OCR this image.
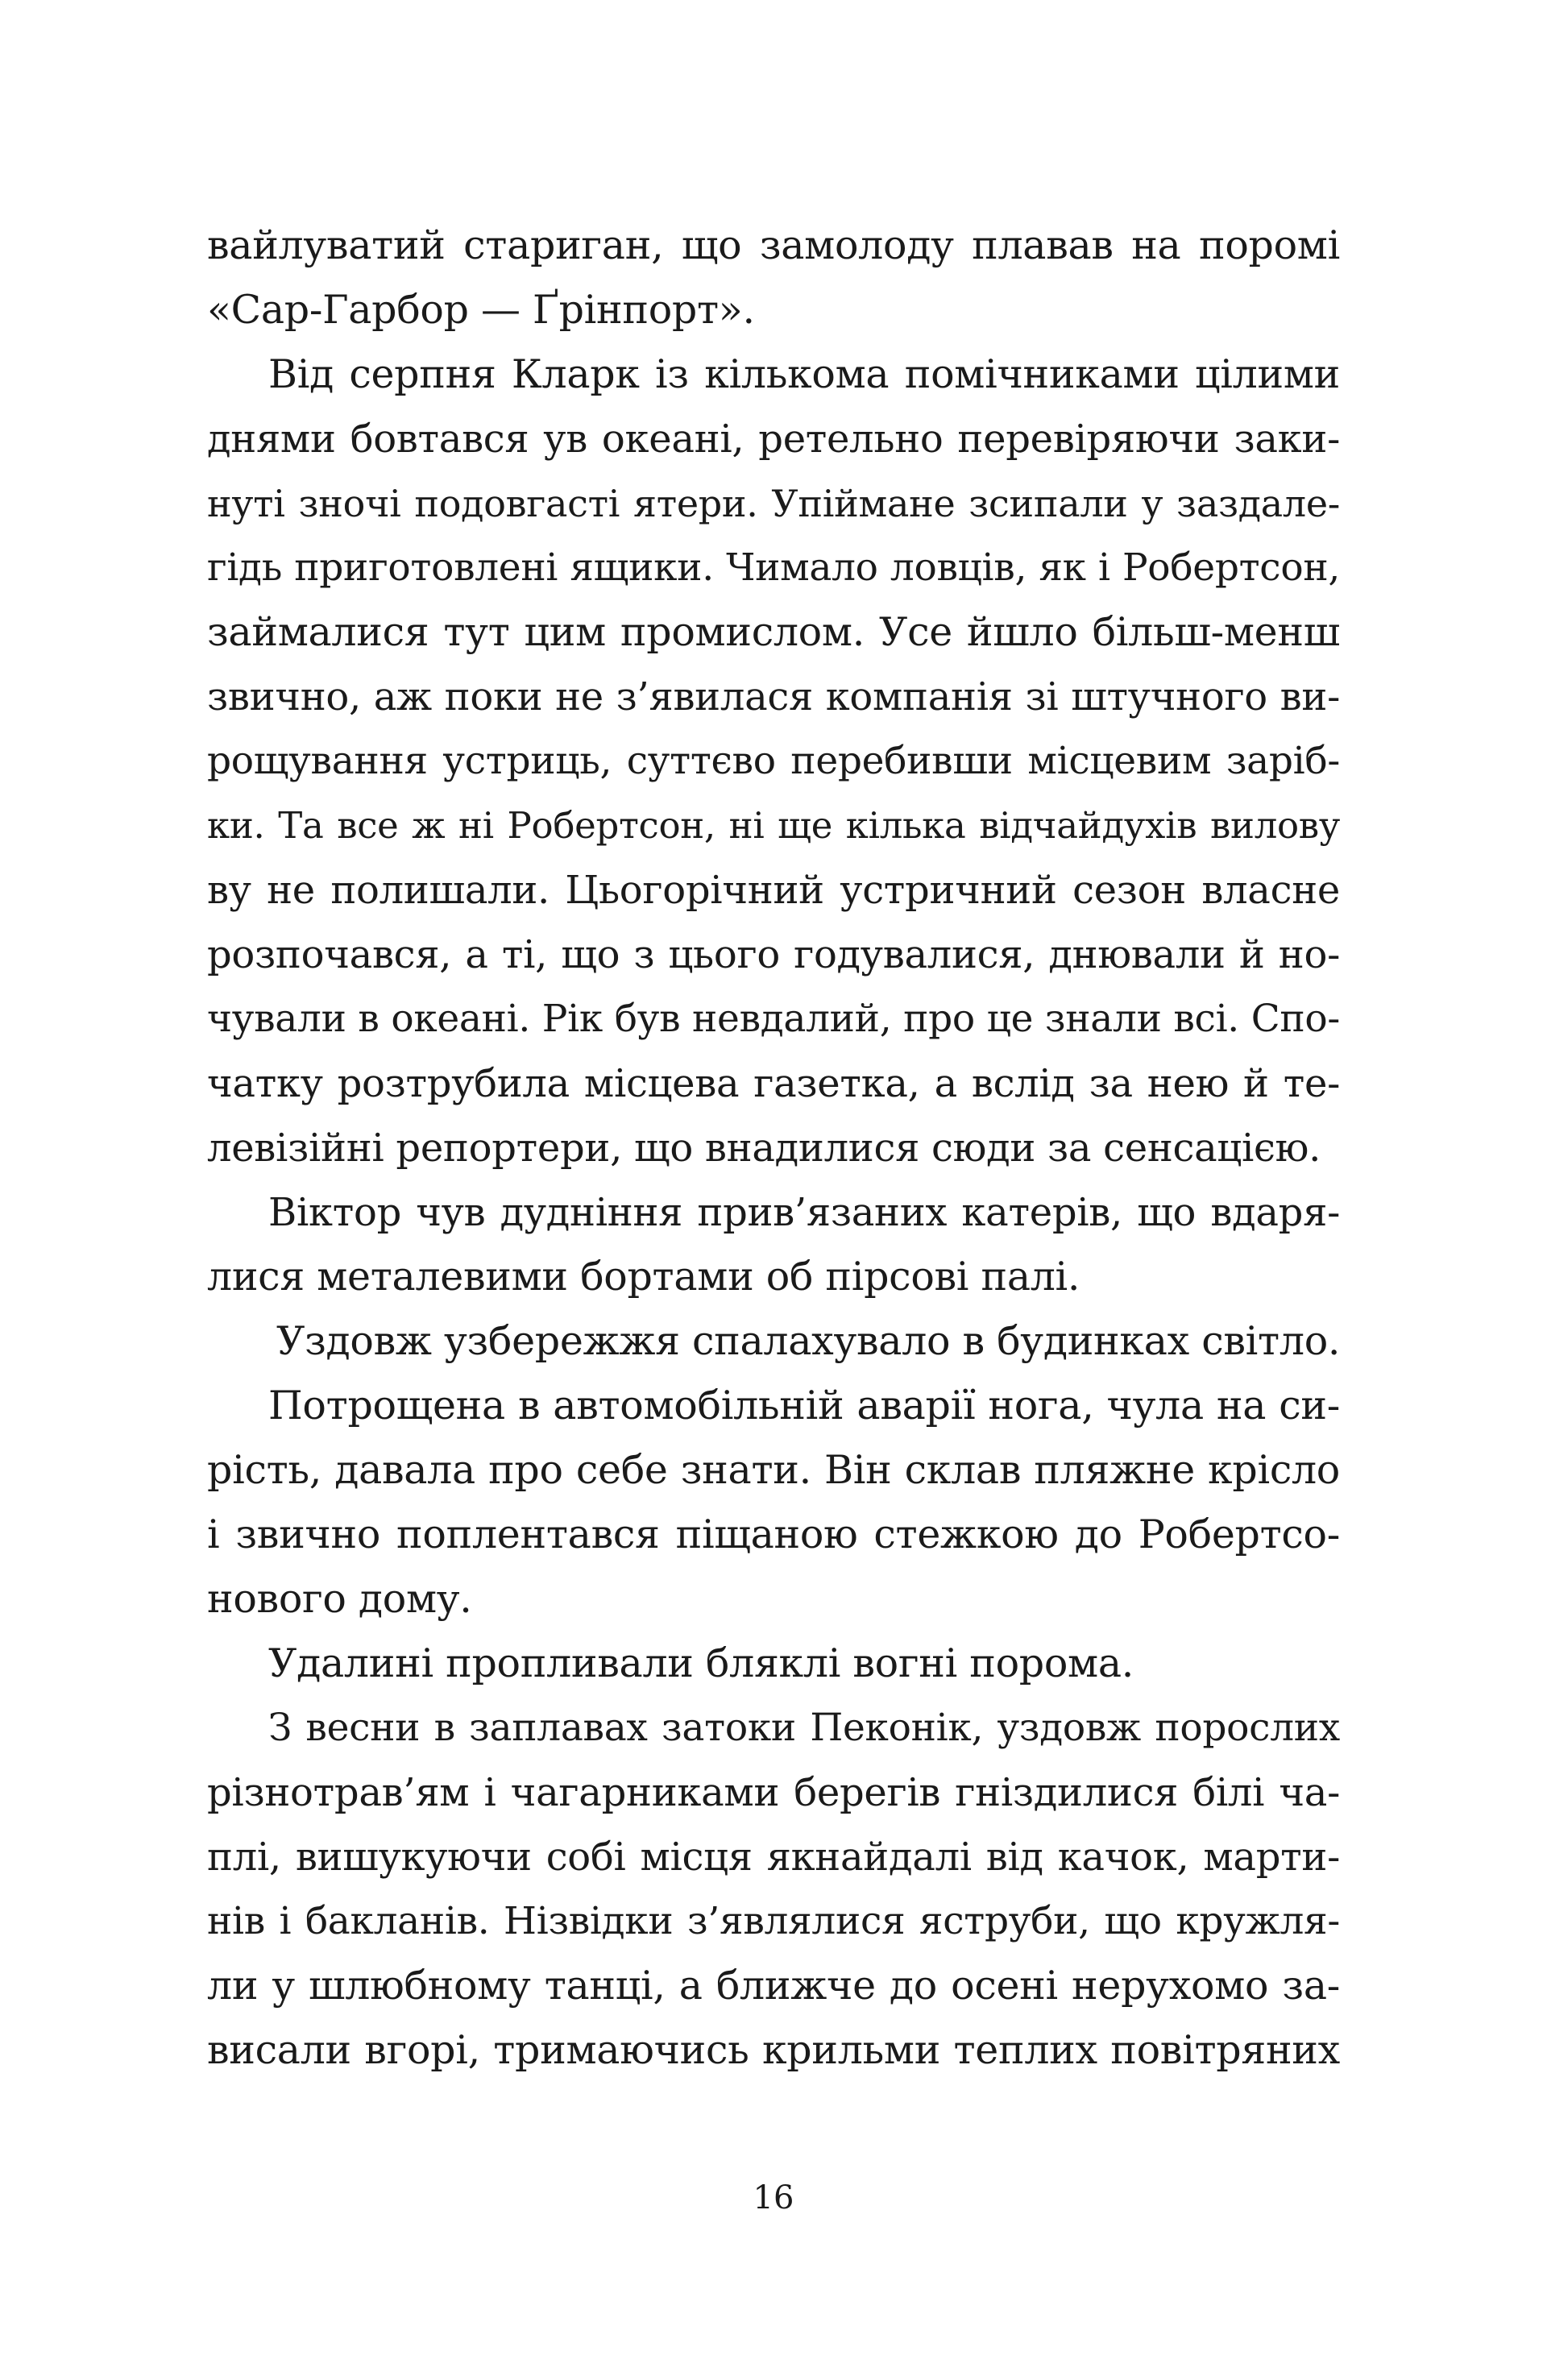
вайлуватий стариган, що замолоду плавав на поромі
«Сар-Гарбор — Ґрінпорт».
Від серпня Кларк із кількома помічниками цілими
днями бовтався ув океані, ретельно перевіряючи заки-
нуті зночі подовгасті ятери. Упіймане зсипали у заздале-
гідь приготовлені ящики. Чимало ловців, як і Робертсон,
займалися тут цим промислом. Усе йшло більш-менш
звично, аж поки не з’явилася компанія зі штучного ви-
рощування устриць, суттєво перебивши місцевим заріб-
ки. Та все ж ні Робертсон, ні ще кілька відчайдухів вилову
ву не полишали. Цьогорічний устричний сезон власне
розпочався, а ті, що з цього годувалися, днювали й но-
чували в океані. Рік був невдалий, про це знали всі. Спо-
чатку розтрубила місцева газетка, а вслід за нею й те-
левізійні репортери, що внадилися сюди за сенсацією.
Віктор чув дудніння прив’язаних катерів, що вдаря-
лися металевими бортами об пірсові палі.
Уздовж узбережжя спалахувало в будинках світло.
Потрощена в автомобільній аварії нога, чула на си-
рість, давала про себе знати. Він склав пляжне крісло
і звично поплентався піщаною стежкою до Робертсо-
нового дому.
Удалині пропливали бляклі вогні порома.
З весни в заплавах затоки Пеконік, уздовж порослих
різнотрав’ям і чагарниками берегів гніздилися білі ча-
плі, вишукуючи собі місця якнайдалі від качок, марти-
нів і бакланів. Нізвідки з’являлися яструби, що кружля-
ли у шлюбному танці, а ближче до осені нерухомо за-
висали вгорі, тримаючись крильми теплих повітряних
16
